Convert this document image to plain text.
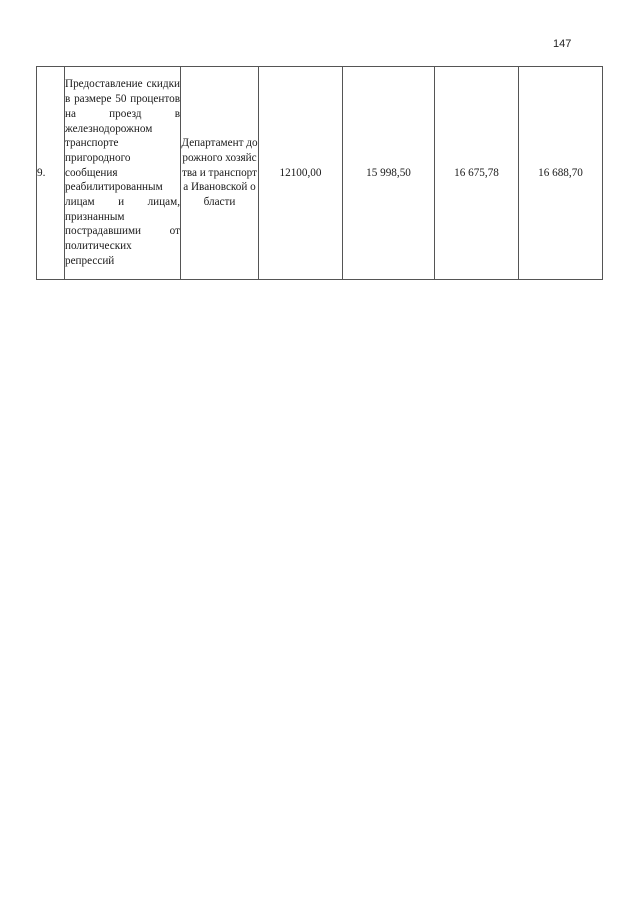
147
9.	Предоставление скидки в размере 50 процентов на проезд в железнодорожном транспорте пригородного сообщения реабилитированным лицам и лицам, признанным пострадавшими от политических репрессий	Департамент дорожного хозяйства и транспорта Ивановской области	12100,00	15 998,50	16 675,78	16 688,70
